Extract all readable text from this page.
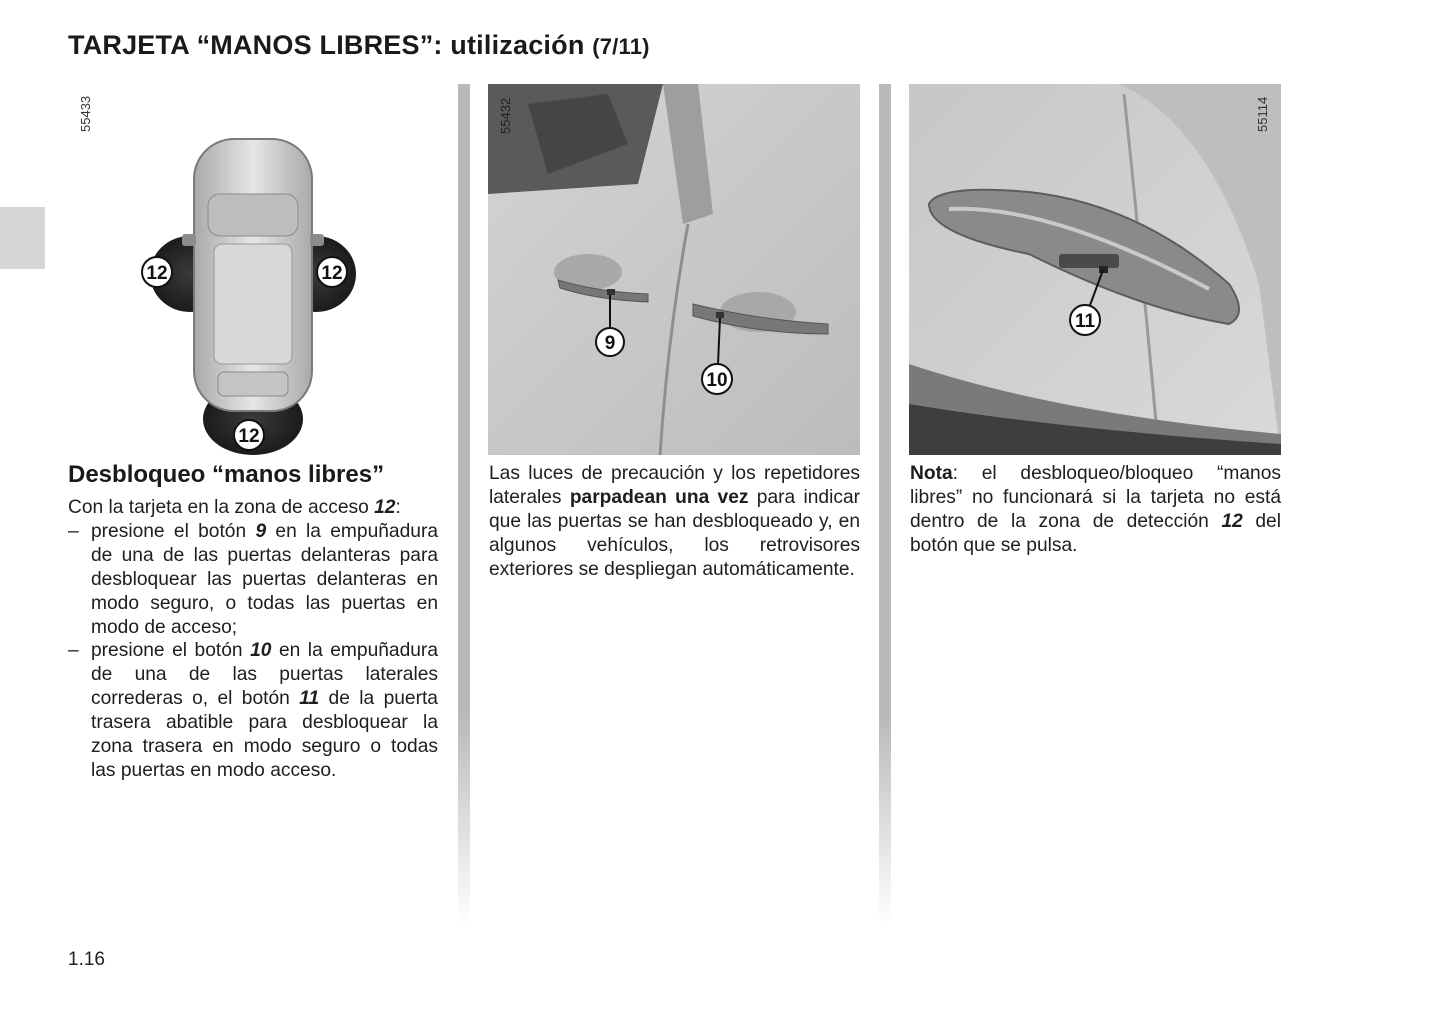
TARJETA “MANOS LIBRES”: utilización (7/11)
12	12
12
55433
9
10
55432
11
55114
Desbloqueo “manos libres”

Con la tarjeta en la zona de acceso 12:

– presione el botón 9 en la empuñadura de una de las puertas delanteras para desbloquear las puertas delanteras en modo seguro, o todas las puertas en modo de acceso;
– presione el botón 10 en la empuñadura de una de las puertas laterales correderas o, el botón 11 de la puerta trasera abatible para desbloquear la zona trasera en modo seguro o todas las puertas en modo acceso.

Las luces de precaución y los repetidores laterales parpadean una vez para indicar que las puertas se han desbloqueado y, en algunos vehículos, los retrovisores exteriores se despliegan automáticamente.

Nota: el desbloqueo/bloqueo “manos libres” no funcionará si la tarjeta no está dentro de la zona de detección 12 del botón que se pulsa.

1.16
